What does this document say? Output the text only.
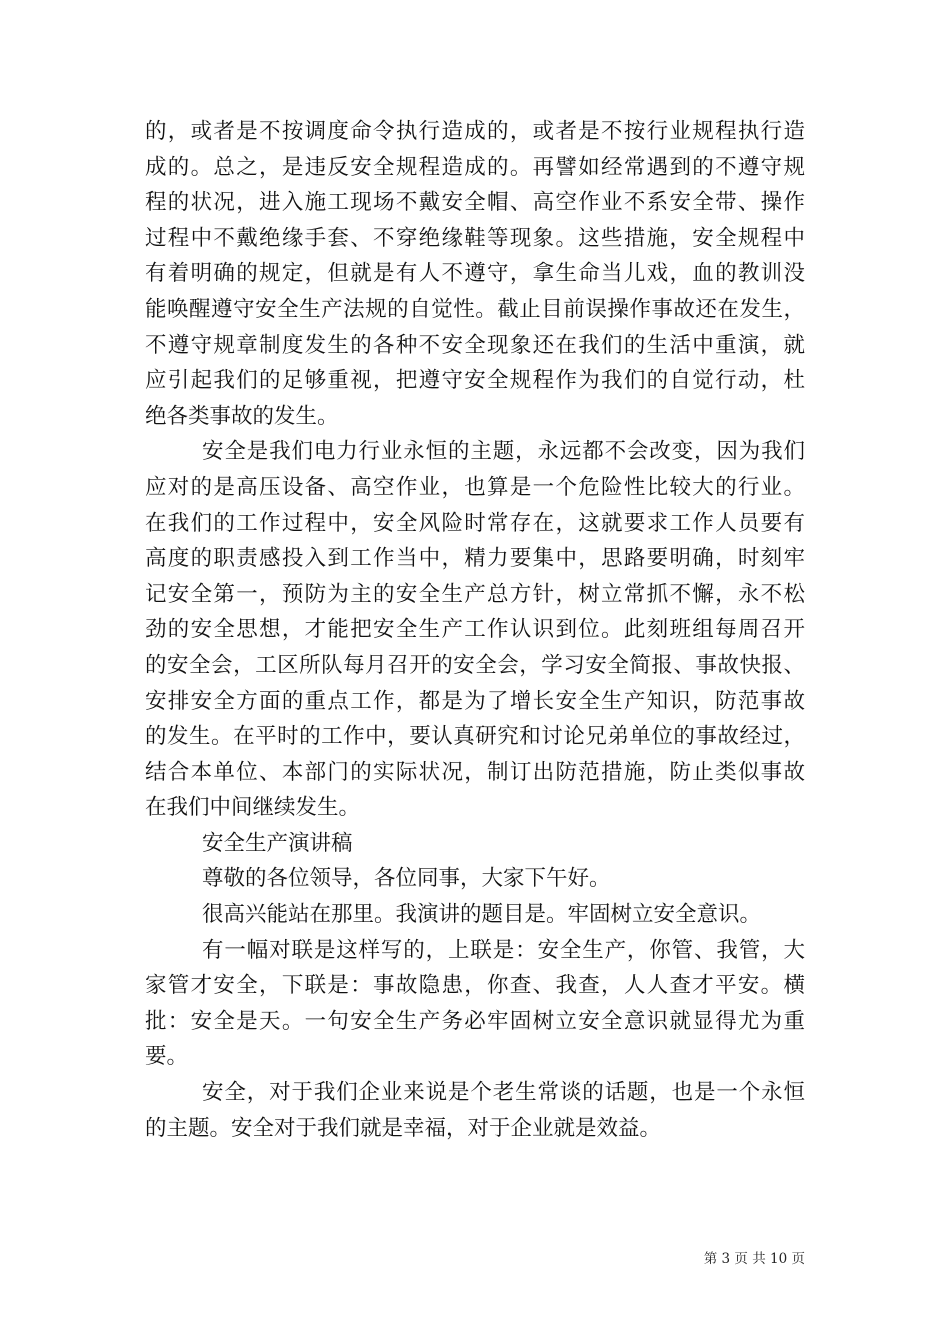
的，或者是不按调度命令执行造成的，或者是不按行业规程执行造
成的。总之，是违反安全规程造成的。再譬如经常遇到的不遵守规
程的状况，进入施工现场不戴安全帽、高空作业不系安全带、操作
过程中不戴绝缘手套、不穿绝缘鞋等现象。这些措施，安全规程中
有着明确的规定，但就是有人不遵守，拿生命当儿戏，血的教训没
能唤醒遵守安全生产法规的自觉性。截止目前误操作事故还在发生，
不遵守规章制度发生的各种不安全现象还在我们的生活中重演，就
应引起我们的足够重视，把遵守安全规程作为我们的自觉行动，杜
绝各类事故的发生。
安全是我们电力行业永恒的主题，永远都不会改变，因为我们
应对的是高压设备、高空作业，也算是一个危险性比较大的行业。
在我们的工作过程中，安全风险时常存在，这就要求工作人员要有
高度的职责感投入到工作当中，精力要集中，思路要明确，时刻牢
记安全第一，预防为主的安全生产总方针，树立常抓不懈，永不松
劲的安全思想，才能把安全生产工作认识到位。此刻班组每周召开
的安全会，工区所队每月召开的安全会，学习安全简报、事故快报、
安排安全方面的重点工作，都是为了增长安全生产知识，防范事故
的发生。在平时的工作中，要认真研究和讨论兄弟单位的事故经过，
结合本单位、本部门的实际状况，制订出防范措施，防止类似事故
在我们中间继续发生。
安全生产演讲稿
尊敬的各位领导，各位同事，大家下午好。
很高兴能站在那里。我演讲的题目是。牢固树立安全意识。
有一幅对联是这样写的，上联是：安全生产，你管、我管，大
家管才安全，下联是：事故隐患，你查、我查，人人查才平安。横
批：安全是天。一句安全生产务必牢固树立安全意识就显得尤为重
要。
安全，对于我们企业来说是个老生常谈的话题，也是一个永恒
的主题。安全对于我们就是幸福，对于企业就是效益。
第 3 页 共 10 页
